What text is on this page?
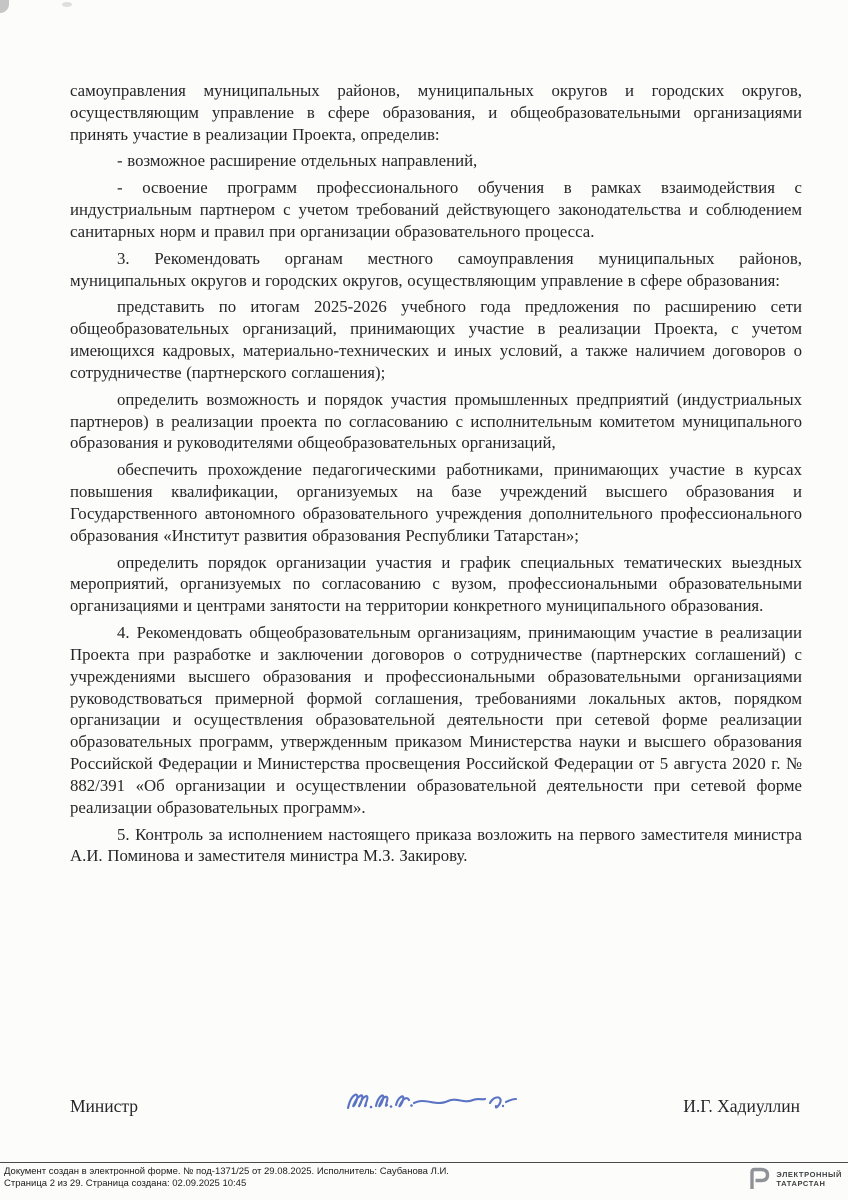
самоуправления муниципальных районов, муниципальных округов и городских округов, осуществляющим управление в сфере образования, и общеобразовательными организациями принять участие в реализации Проекта, определив:

- возможное расширение отдельных направлений,

- освоение программ профессионального обучения в рамках взаимодействия с индустриальным партнером с учетом требований действующего законодательства и соблюдением санитарных норм и правил при организации образовательного процесса.

3. Рекомендовать органам местного самоуправления муниципальных районов, муниципальных округов и городских округов, осуществляющим управление в сфере образования:

представить по итогам 2025-2026 учебного года предложения по расширению сети общеобразовательных организаций, принимающих участие в реализации Проекта, с учетом имеющихся кадровых, материально-технических и иных условий, а также наличием договоров о сотрудничестве (партнерского соглашения);

определить возможность и порядок участия промышленных предприятий (индустриальных партнеров) в реализации проекта по согласованию с исполнительным комитетом муниципального образования и руководителями общеобразовательных организаций,

обеспечить прохождение педагогическими работниками, принимающих участие в курсах повышения квалификации, организуемых на базе учреждений высшего образования и Государственного автономного образовательного учреждения дополнительного профессионального образования «Институт развития образования Республики Татарстан»;

определить порядок организации участия и график специальных тематических выездных мероприятий, организуемых по согласованию с вузом, профессиональными образовательными организациями и центрами занятости на территории конкретного муниципального образования.

4. Рекомендовать общеобразовательным организациям, принимающим участие в реализации Проекта при разработке и заключении договоров о сотрудничестве (партнерских соглашений) с учреждениями высшего образования и профессиональными образовательными организациями руководствоваться примерной формой соглашения, требованиями локальных актов, порядком организации и осуществления образовательной деятельности при сетевой форме реализации образовательных программ, утвержденным приказом Министерства науки и высшего образования Российской Федерации и Министерства просвещения Российской Федерации от 5 августа 2020 г. № 882/391 «Об организации и осуществлении образовательной деятельности при сетевой форме реализации образовательных программ».

5. Контроль за исполнением настоящего приказа возложить на первого заместителя министра А.И. Поминова и заместителя министра М.З. Закирову.

Министр	И.Г. Хадиуллин
Документ создан в электронной форме. № под-1371/25 от 29.08.2025. Исполнитель: Саубанова Л.И.
Страница 2 из 29. Страница создана: 02.09.2025 10:45
ЭЛЕКТРОННЫЙ
ТАТАРСТАН
